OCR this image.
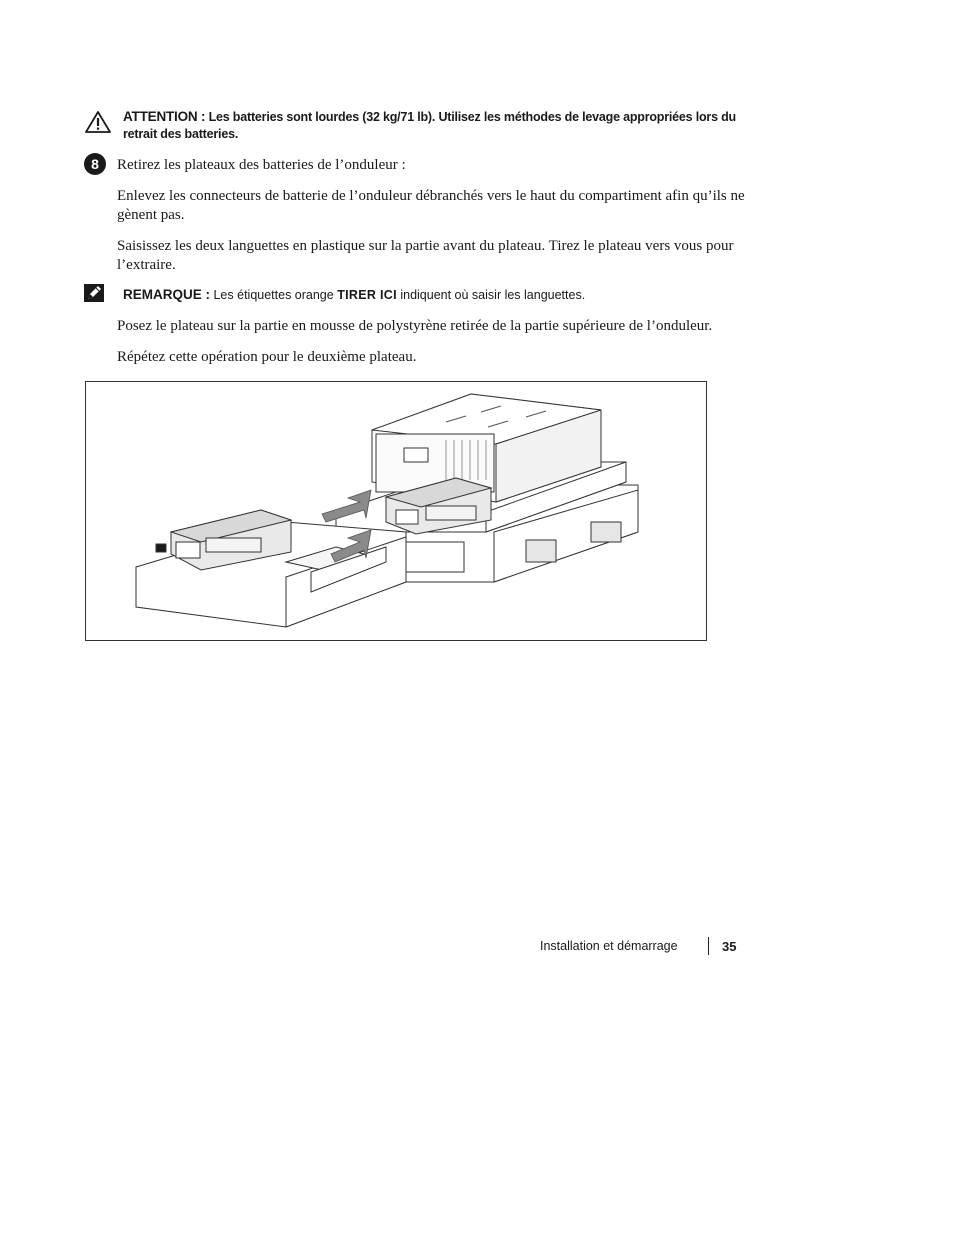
ATTENTION : Les batteries sont lourdes (32 kg/71 lb). Utilisez les méthodes de levage appropriées lors du retrait des batteries.
8	Retirez les plateaux des batteries de l’onduleur :
Enlevez les connecteurs de batterie de l’onduleur débranchés vers le haut du compartiment afin qu’ils ne gènent pas.
Saisissez les deux languettes en plastique sur la partie avant du plateau. Tirez le plateau vers vous pour l’extraire.
REMARQUE : Les étiquettes orange TIRER ICI indiquent où saisir les languettes.
Posez le plateau sur la partie en mousse de polystyrène retirée de la partie supérieure de l’onduleur.
Répétez cette opération pour le deuxième plateau.
Installation et démarrage	35
